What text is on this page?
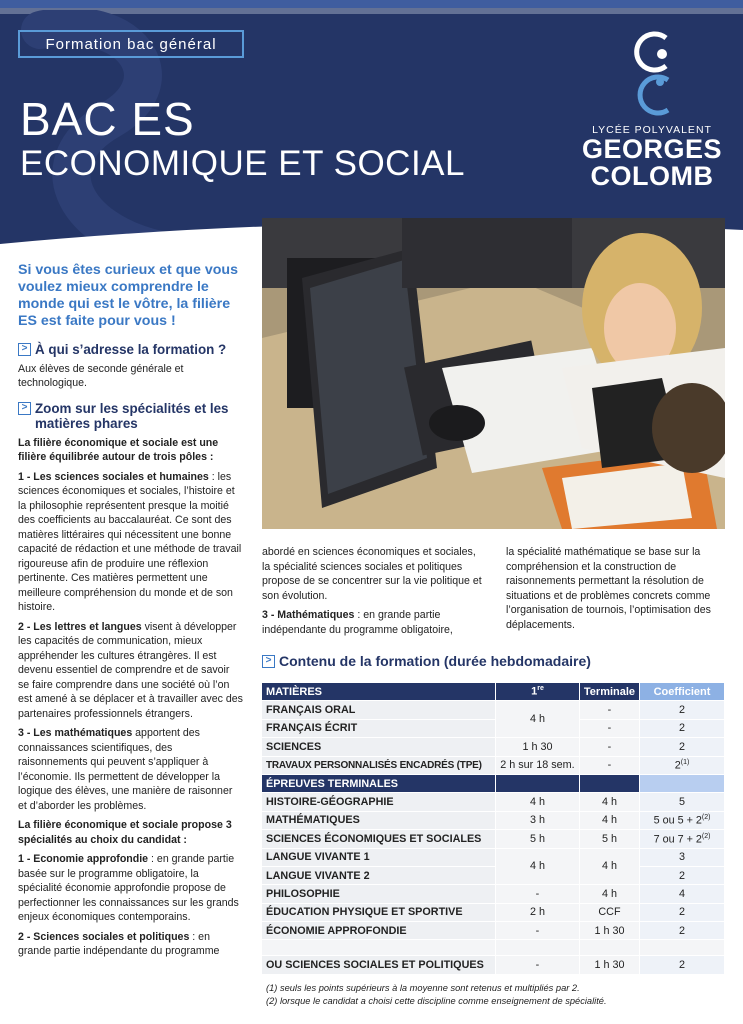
Formation bac général
BAC ES
ECONOMIQUE ET SOCIAL
LYCÉE POLYVALENT
GEORGES
COLOMB
Si vous êtes curieux et que vous voulez mieux comprendre le monde qui est le vôtre, la filière ES est faite pour vous !
> À qui s’adresse la formation ?
Aux élèves de seconde générale et technologique.
> Zoom sur les spécialités et les matières phares
La filière économique et sociale est une filière équilibrée autour de trois pôles :
1 - Les sciences sociales et humaines : les sciences économiques et sociales, l’histoire et la philosophie représentent presque la moitié des coefficients au baccalauréat. Ce sont des matières littéraires qui nécessitent une bonne capacité de rédaction et une méthode de travail rigoureuse afin de produire une réflexion pertinente. Ces matières permettent une meilleure compréhension du monde et de son histoire.
2 - Les lettres et langues visent à développer les capacités de communication, mieux appréhender les cultures étrangères. Il est devenu essentiel de comprendre et de savoir se faire comprendre dans une société où l’on est amené à se déplacer et à travailler avec des partenaires professionnels étrangers.
3 - Les mathématiques apportent des connaissances scientifiques, des raisonnements qui peuvent s’appliquer à l’économie. Ils permettent de développer la logique des élèves, une manière de raisonner et d’aborder les problèmes.
La filière économique et sociale propose 3 spécialités au choix du candidat :
1 - Economie approfondie : en grande partie basée sur le programme obligatoire, la spécialité économie approfondie propose de perfectionner les connaissances sur les grands enjeux économiques contemporains.
2 - Sciences sociales et politiques : en
grande partie indépendante du programme
abordé en sciences économiques et sociales, la spécialité sciences sociales et politiques propose de se concentrer sur la vie politique et son évolution.
3 - Mathématiques : en grande partie indépendante du programme obligatoire,
la spécialité mathématique se base sur la compréhension et la construction de raisonnements permettant la résolution de situations et de problèmes concrets comme l’organisation de tournois, l’optimisation des déplacements.
> Contenu de la formation (durée hebdomadaire)
MATIÈRES	1re	Terminale	Coefficient
FRANÇAIS ORAL	4 h	-	2
FRANÇAIS ÉCRIT		-	2
SCIENCES	1 h 30	-	2
TRAVAUX PERSONNALISÉS ENCADRÉS (TPE)	2 h sur 18 sem.	-	2$^{(1)}$
ÉPREUVES TERMINALES			
HISTOIRE-GÉOGRAPHIE	4 h	4 h	5
MATHÉMATIQUES	3 h	4 h	5 ou $5 + 2^{(2)}$
SCIENCES ÉCONOMIQUES ET SOCIALES	5 h	5 h	7 ou $7 + 2^{(2)}$
LANGUE VIVANTE 1	4 h	4 h	3
LANGUE VIVANTE 2			2
PHILOSOPHIE	-	4 h	4
ÉDUCATION PHYSIQUE ET SPORTIVE	2 h	CCF	2
ÉCONOMIE APPROFONDIE	-	1 h 30	2

OU SCIENCES SOCIALES ET POLITIQUES	-	1 h 30	2
(1) seuls les points supérieurs à la moyenne sont retenus et multipliés par 2.
(2) lorsque le candidat a choisi cette discipline comme enseignement de spécialité.
